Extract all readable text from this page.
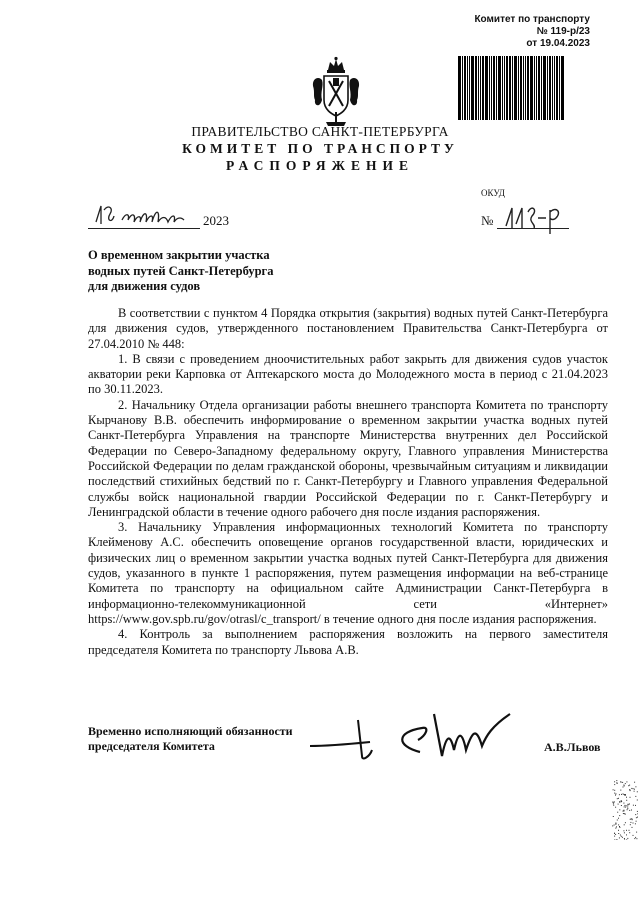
Комитет по транспорту
№ 119-р/23
от 19.04.2023
ПРАВИТЕЛЬСТВО САНКТ-ПЕТЕРБУРГА
КОМИТЕТ ПО ТРАНСПОРТУ
РАСПОРЯЖЕНИЕ
ОКУД
2023	№
О временном закрытии участка
водных путей Санкт-Петербурга
для движения судов

В соответствии с пунктом 4 Порядка открытия (закрытия) водных путей Санкт-Петербурга для движения судов, утвержденного постановлением Правительства Санкт-Петербурга от 27.04.2010 № 448:

1. В связи с проведением дноочистительных работ закрыть для движения судов участок акватории реки Карповка от Аптекарского моста до Молодежного моста в период с 21.04.2023 по 30.11.2023.

2. Начальнику Отдела организации работы внешнего транспорта Комитета по транспорту Кырчанову В.В. обеспечить информирование о временном закрытии участка водных путей Санкт-Петербурга Управления на транспорте Министерства внутренних дел Российской Федерации по Северо-Западному федеральному округу, Главного управления Министерства Российской Федерации по делам гражданской обороны, чрезвычайным ситуациям и ликвидации последствий стихийных бедствий по г. Санкт-Петербургу и Главного управления Федеральной службы войск национальной гвардии Российской Федерации по г. Санкт-Петербургу и Ленинградской области в течение одного рабочего дня после издания распоряжения.

3. Начальнику Управления информационных технологий Комитета по транспорту Клейменову А.С. обеспечить оповещение органов государственной власти, юридических и физических лиц о временном закрытии участка водных путей Санкт-Петербурга для движения судов, указанного в пункте 1 распоряжения, путем размещения информации на веб-странице Комитета по транспорту на официальном сайте Администрации Санкт-Петербурга в информационно-телекоммуникационной сети «Интернет» https://www.gov.spb.ru/gov/otrasl/c_transport/ в течение одного дня после издания распоряжения.

4. Контроль за выполнением распоряжения возложить на первого заместителя председателя Комитета по транспорту Львова А.В.

Временно исполняющий обязанности
председателя Комитета	А.В.Львов
